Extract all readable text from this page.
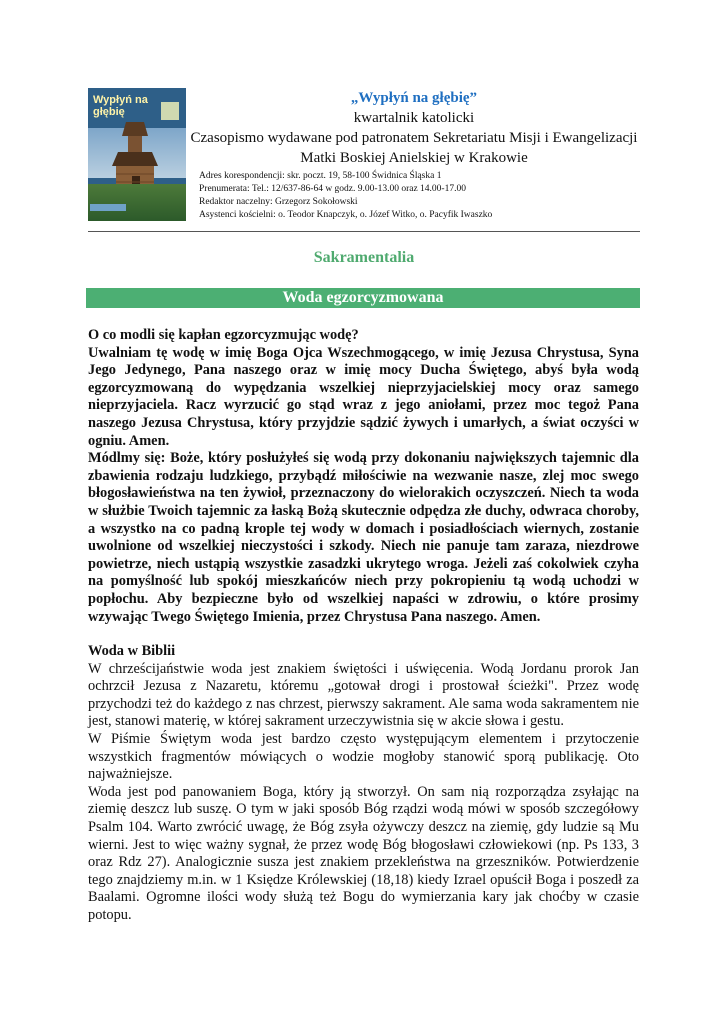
Wypłyń na głębię
„Wypłyń na głębię”
kwartalnik katolicki
Czasopismo wydawane pod patronatem Sekretariatu Misji i Ewangelizacji
Matki Boskiej Anielskiej w Krakowie
Adres korespondencji: skr. poczt. 19, 58-100 Świdnica Śląska 1
Prenumerata: Tel.: 12/637-86-64 w godz. 9.00-13.00 oraz 14.00-17.00
Redaktor naczelny: Grzegorz Sokołowski
Asystenci kościelni: o. Teodor Knapczyk, o. Józef Witko, o. Pacyfik Iwaszko
Sakramentalia
Woda egzorcyzmowana

O co modli się kapłan egzorcyzmując wodę?

Uwalniam tę wodę w imię Boga Ojca Wszechmogącego, w imię Jezusa Chrystusa, Syna Jego Jedynego, Pana naszego oraz w imię mocy Ducha Świętego, abyś była wodą egzorcyzmowaną do wypędzania wszelkiej nieprzyjacielskiej mocy oraz samego nieprzyjaciela. Racz wyrzucić go stąd wraz z jego aniołami, przez moc tegoż Pana naszego Jezusa Chrystusa, który przyjdzie sądzić żywych i umarłych, a świat oczyści w ogniu. Amen.

Módlmy się: Boże, który posłużyłeś się wodą przy dokonaniu największych tajemnic dla zbawienia rodzaju ludzkiego, przybądź miłościwie na wezwanie nasze, zlej moc swego błogosławieństwa na ten żywioł, przeznaczony do wielorakich oczyszczeń. Niech ta woda w służbie Twoich tajemnic za łaską Bożą skutecznie odpędza złe duchy, odwraca choroby, a wszystko na co padną krople tej wody w domach i posiadłościach wiernych, zostanie uwolnione od wszelkiej nieczystości i szkody. Niech nie panuje tam zaraza, niezdrowe powietrze, niech ustąpią wszystkie zasadzki ukrytego wroga. Jeżeli zaś cokolwiek czyha na pomyślność lub spokój mieszkańców niech przy pokropieniu tą wodą uchodzi w popłochu. Aby bezpieczne było od wszelkiej napaści w zdrowiu, o które prosimy wzywając Twego Świętego Imienia, przez Chrystusa Pana naszego. Amen.

Woda w Biblii

W chrześcijaństwie woda jest znakiem świętości i uświęcenia. Wodą Jordanu prorok Jan ochrzcił Jezusa z Nazaretu, któremu „gotował drogi i prostował ścieżki". Przez wodę przychodzi też do każdego z nas chrzest, pierwszy sakrament. Ale sama woda sakramentem nie jest, stanowi materię, w której sakrament urzeczywistnia się w akcie słowa i gestu.

W Piśmie Świętym woda jest bardzo często występującym elementem i przytoczenie wszystkich fragmentów mówiących o wodzie mogłoby stanowić sporą publikację. Oto najważniejsze.

Woda jest pod panowaniem Boga, który ją stworzył. On sam nią rozporządza zsyłając na ziemię deszcz lub suszę. O tym w jaki sposób Bóg rządzi wodą mówi w sposób szczegółowy Psalm 104. Warto zwrócić uwagę, że Bóg zsyła ożywczy deszcz na ziemię, gdy ludzie są Mu wierni. Jest to więc ważny sygnał, że przez wodę Bóg błogosławi człowiekowi (np. Ps 133, 3 oraz Rdz 27). Analogicznie susza jest znakiem przekleństwa na grzeszników. Potwierdzenie tego znajdziemy m.in. w 1 Księdze Królewskiej (18,18) kiedy Izrael opuścił Boga i poszedł za Baalami. Ogromne ilości wody służą też Bogu do wymierzania kary jak choćby w czasie potopu.
